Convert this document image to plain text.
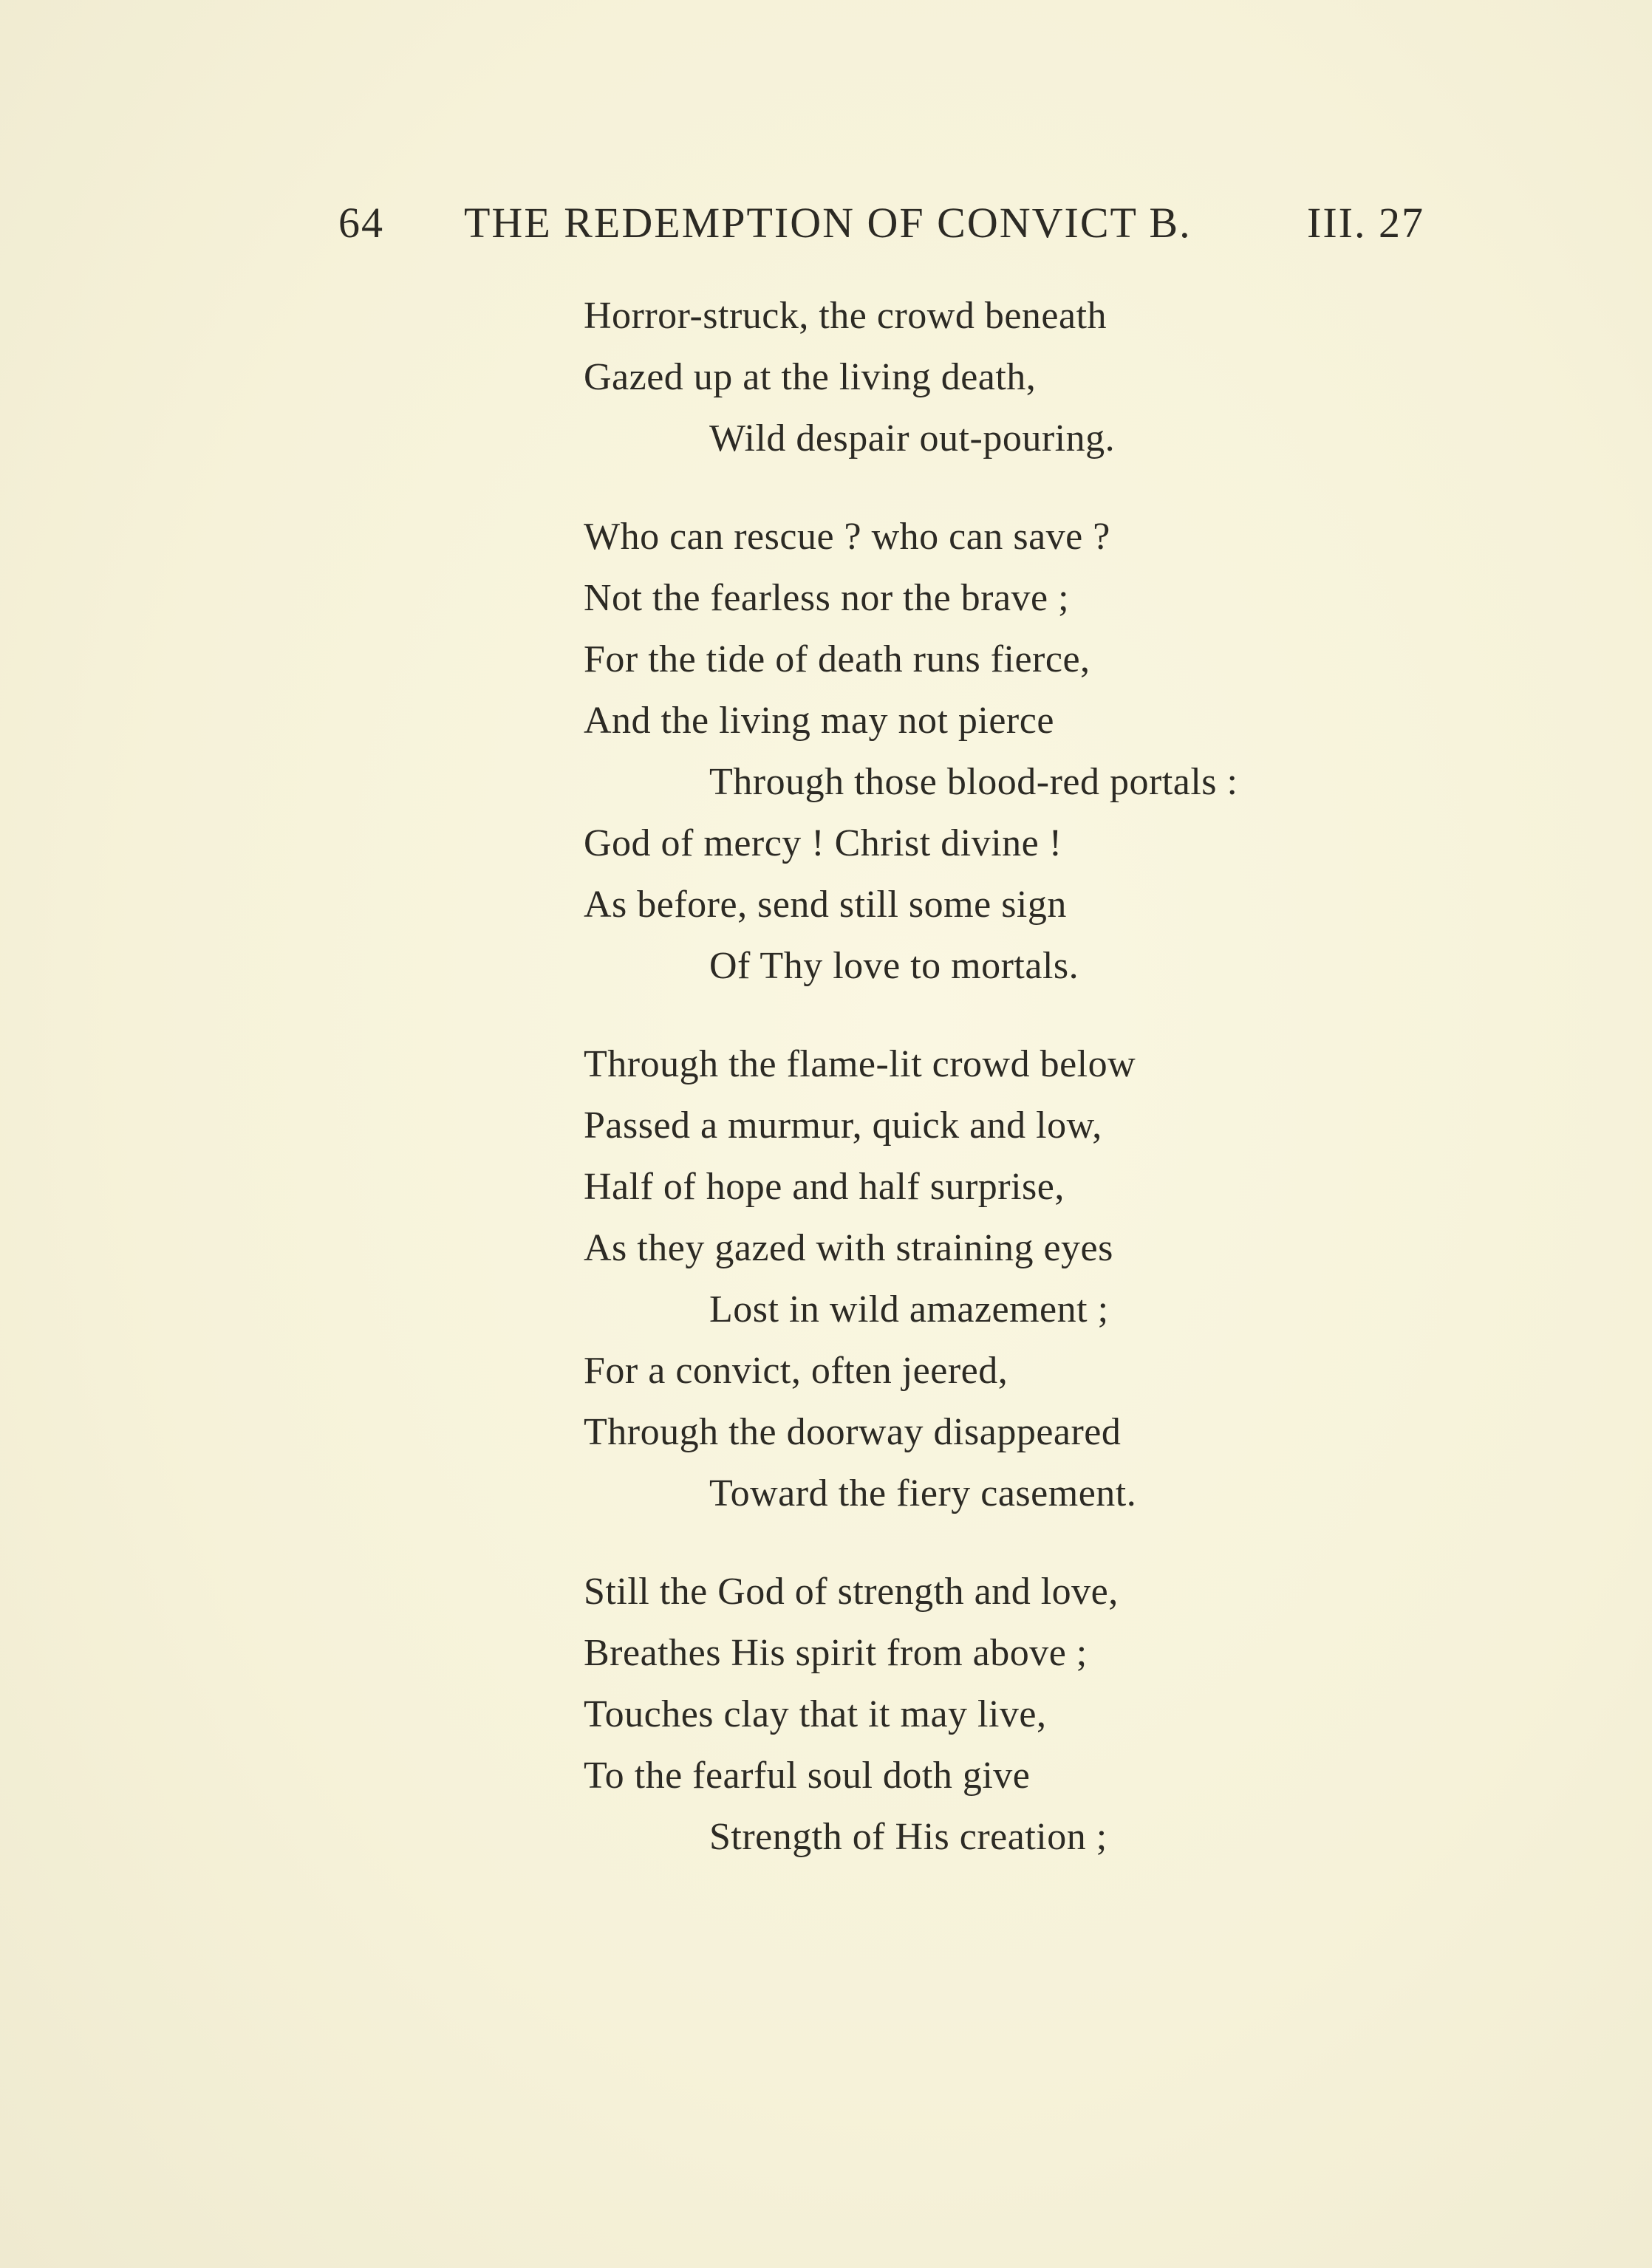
64 THE REDEMPTION OF CONVICT B.	III. 27
Horror-struck, the crowd beneath
Gazed up at the living death,
Wild despair out-pouring.
Who can rescue ? who can save ?
Not the fearless nor the brave ;
For the tide of death runs fierce,
And the living may not pierce
Through those blood-red portals :
God of mercy ! Christ divine !
As before, send still some sign
Of Thy love to mortals.
Through the flame-lit crowd below
Passed a murmur, quick and low,
Half of hope and half surprise,
As they gazed with straining eyes
Lost in wild amazement ;
For a convict, often jeered,
Through the doorway disappeared
Toward the fiery casement.
Still the God of strength and love,
Breathes His spirit from above ;
Touches clay that it may live,
To the fearful soul doth give
Strength of His creation ;
